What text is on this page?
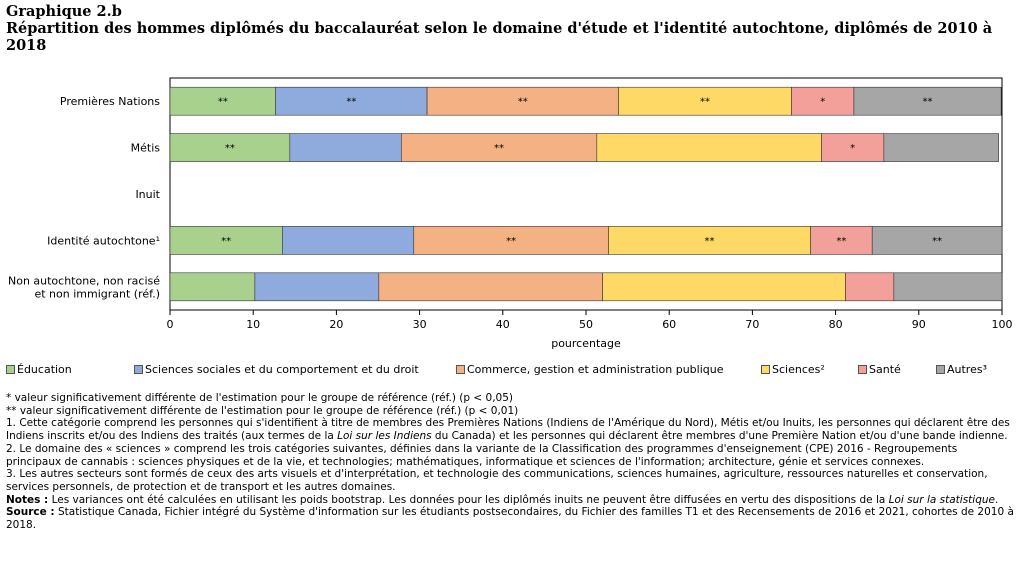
Graphique 2.b
Répartition des hommes diplômés du baccalauréat selon le domaine d'étude et l'identité autochtone, diplômés de 2010 à 2018
**	**	**	**	*	**
Premières Nations
**	**	*
Métis
Inuit
**	**	**	**	**
Identité autochtone¹
Non autochtone, non racisé
et non immigrant (réf.)
0	10	20	30	40	50	60	70	80	90	100
pourcentage
Éducation	Sciences sociales et du comportement et du droit	Commerce, gestion et administration publique	Sciences²	Santé	Autres³

* valeur significativement différente de l'estimation pour le groupe de référence (réf.) (p < 0,05)

** valeur significativement différente de l'estimation pour le groupe de référence (réf.) (p < 0,01)

1. Cette catégorie comprend les personnes qui s'identifient à titre de membres des Premières Nations (Indiens de l'Amérique du Nord), Métis et/ou Inuits, les personnes qui déclarent être des Indiens inscrits et/ou des Indiens des traités (aux termes de la Loi sur les Indiens du Canada) et les personnes qui déclarent être membres d'une Première Nation et/ou d'une bande indienne.

2. Le domaine des « sciences » comprend les trois catégories suivantes, définies dans la variante de la Classification des programmes d'enseignement (CPE) 2016 - Regroupements principaux de cannabis : sciences physiques et de la vie, et technologies; mathématiques, informatique et sciences de l'information; architecture, génie et services connexes.

3. Les autres secteurs sont formés de ceux des arts visuels et d'interprétation, et technologie des communications, sciences humaines, agriculture, ressources naturelles et conservation, services personnels, de protection et de transport et les autres domaines.

Notes : Les variances ont été calculées en utilisant les poids bootstrap. Les données pour les diplômés inuits ne peuvent être diffusées en vertu des dispositions de la Loi sur la statistique.

Source : Statistique Canada, Fichier intégré du Système d'information sur les étudiants postsecondaires, du Fichier des familles T1 et des Recensements de 2016 et 2021, cohortes de 2010 à 2018.
